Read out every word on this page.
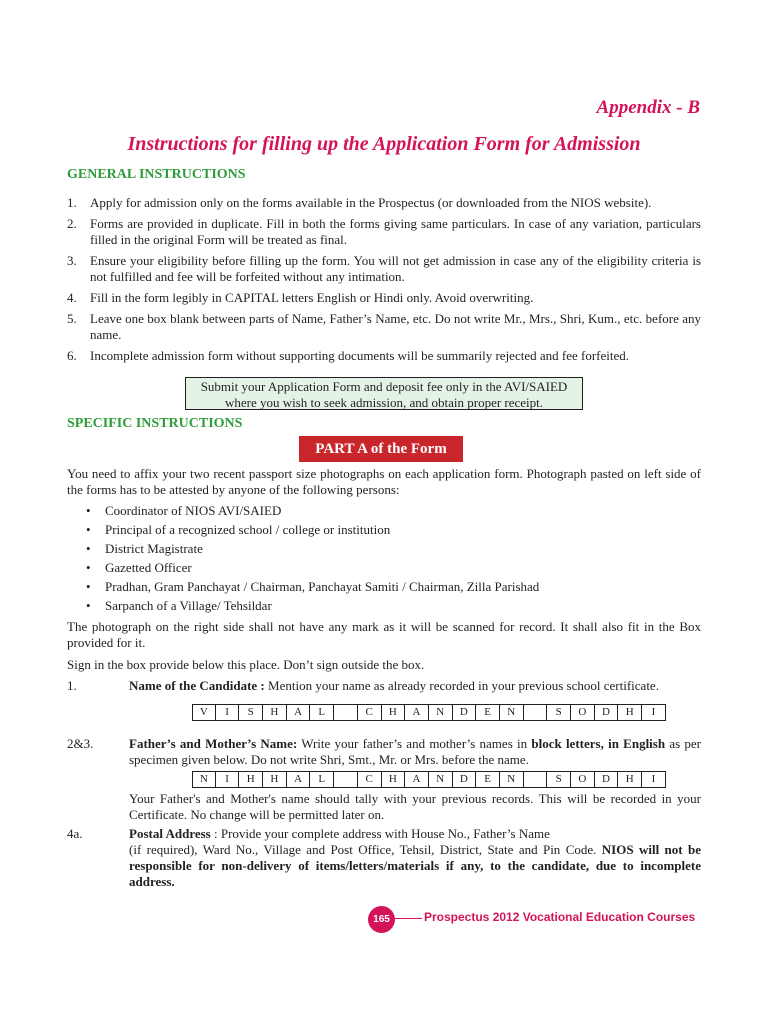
Appendix - B
Instructions for filling up the Application Form for Admission
GENERAL INSTRUCTIONS
1.	Apply for admission only on the forms available in the Prospectus (or downloaded from the NIOS website).
2.	Forms are provided in duplicate. Fill in both the forms giving same particulars. In case of any variation, particulars filled in the original Form will be treated as final.
3.	Ensure your eligibility before filling up the form. You will not get admission in case any of the eligibility criteria is not fulfilled and fee will be forfeited without any intimation.
4.	Fill in the form legibly in CAPITAL letters English or Hindi only. Avoid overwriting.
5.	Leave one box blank between parts of Name, Father’s Name, etc. Do not write Mr., Mrs., Shri, Kum., etc. before any name.
6.	Incomplete admission form without supporting documents will be summarily rejected and fee forfeited.
Submit your Application Form and deposit fee only in the AVI/SAIED
where you wish to seek admission, and obtain proper receipt.
SPECIFIC INSTRUCTIONS
PART A of the Form
You need to affix your two recent passport size photographs on each application form. Photograph pasted on left side of the forms has to be attested by anyone of the following persons:
•	Coordinator of NIOS AVI/SAIED
•	Principal of a recognized school / college or institution
•	District Magistrate
•	Gazetted Officer
•	Pradhan, Gram Panchayat / Chairman, Panchayat Samiti / Chairman, Zilla Parishad
•	Sarpanch of a Village/ Tehsildar
The photograph on the right side shall not have any mark as it will be scanned for record. It shall also fit in the Box provided for it.
Sign in the box provide below this place. Don’t sign outside the box.
1.	Name of the Candidate : Mention your name as already recorded in your previous school certificate.
V	I	S	H	A	L	C	H	A	N	D	E	N	S	O	D	H	I
2&3.	Father’s and Mother’s Name: Write your father’s and mother’s names in block letters, in English as per specimen given below. Do not write Shri, Smt., Mr. or Mrs. before the name.
N	I	H	H	A	L	C	H	A	N	D	E	N	S	O	D	H	I
Your Father's and Mother's name should tally with your previous records. This will be recorded in your Certificate. No change will be permitted later on.
4a.	Postal Address : Provide your complete address with House No., Father’s Name
(if required), Ward No., Village and Post Office, Tehsil, District, State and Pin Code. NIOS will not be responsible for non-delivery of items/letters/materials if any, to the candidate, due to incomplete address.
165	Prospectus 2012 Vocational Education Courses
